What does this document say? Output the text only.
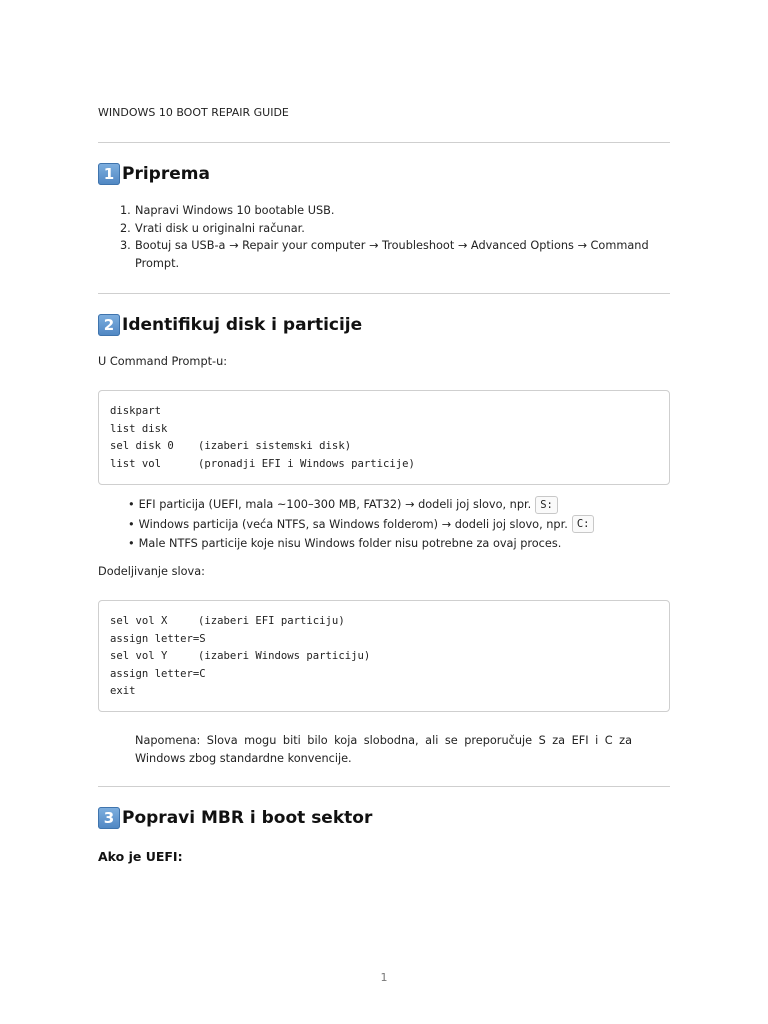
WINDOWS 10 BOOT REPAIR GUIDE
1 Priprema
1. Napravi Windows 10 bootable USB.
2. Vrati disk u originalni računar.
3. Bootuj sa USB-a → Repair your computer → Troubleshoot → Advanced Options → Command Prompt.
2 Identifikuj disk i particije
U Command Prompt-u:
diskpart
list disk
sel disk 0	(izaberi sistemski disk)
list vol	(pronadji EFI i Windows particije)
• EFI particija (UEFI, mala ~100–300 MB, FAT32) → dodeli joj slovo, npr. S:
• Windows particija (veća NTFS, sa Windows folderom) → dodeli joj slovo, npr. C:
• Male NTFS particije koje nisu Windows folder nisu potrebne za ovaj proces.
Dodeljivanje slova:
sel vol X	(izaberi EFI particiju)
assign letter=S
sel vol Y	(izaberi Windows particiju)
assign letter=C
exit
Napomena: Slova mogu biti bilo koja slobodna, ali se preporučuje S za EFI i C za Windows zbog standardne konvencije.
3 Popravi MBR i boot sektor
Ako je UEFI:
1
